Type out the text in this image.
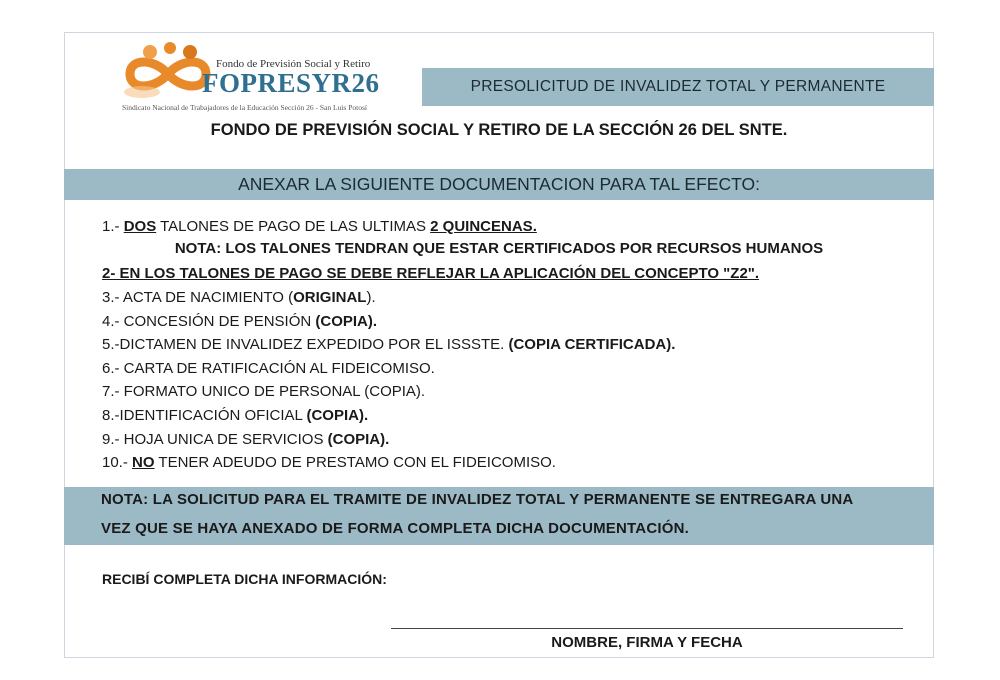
Fondo de Previsión Social y Retiro
FOPRESYR26
Sindicato Nacional de Trabajadores de la Educación Sección 26 - San Luis Potosí
PRESOLICITUD DE INVALIDEZ TOTAL Y PERMANENTE
FONDO DE PREVISIÓN SOCIAL Y RETIRO DE LA SECCIÓN 26 DEL SNTE.
ANEXAR LA SIGUIENTE DOCUMENTACION PARA TAL EFECTO:
1.- DOS TALONES DE PAGO DE LAS ULTIMAS 2 QUINCENAS.
NOTA: LOS TALONES TENDRAN QUE ESTAR CERTIFICADOS POR RECURSOS HUMANOS
2- EN LOS TALONES DE PAGO SE DEBE REFLEJAR LA APLICACIÓN DEL CONCEPTO "Z2".
3.- ACTA DE NACIMIENTO (ORIGINAL).
4.- CONCESIÓN DE PENSIÓN (COPIA).
5.-DICTAMEN DE INVALIDEZ EXPEDIDO POR EL ISSSTE. (COPIA CERTIFICADA).
6.- CARTA DE RATIFICACIÓN AL FIDEICOMISO.
7.- FORMATO UNICO DE PERSONAL (COPIA).
8.-IDENTIFICACIÓN OFICIAL (COPIA).
9.- HOJA UNICA DE SERVICIOS (COPIA).
10.- NO TENER ADEUDO DE PRESTAMO CON EL FIDEICOMISO.
NOTA: LA SOLICITUD PARA EL TRAMITE DE INVALIDEZ TOTAL Y PERMANENTE SE ENTREGARA UNA
VEZ QUE SE HAYA ANEXADO DE FORMA COMPLETA DICHA DOCUMENTACIÓN.
RECIBÍ COMPLETA DICHA INFORMACIÓN:
NOMBRE, FIRMA Y FECHA
